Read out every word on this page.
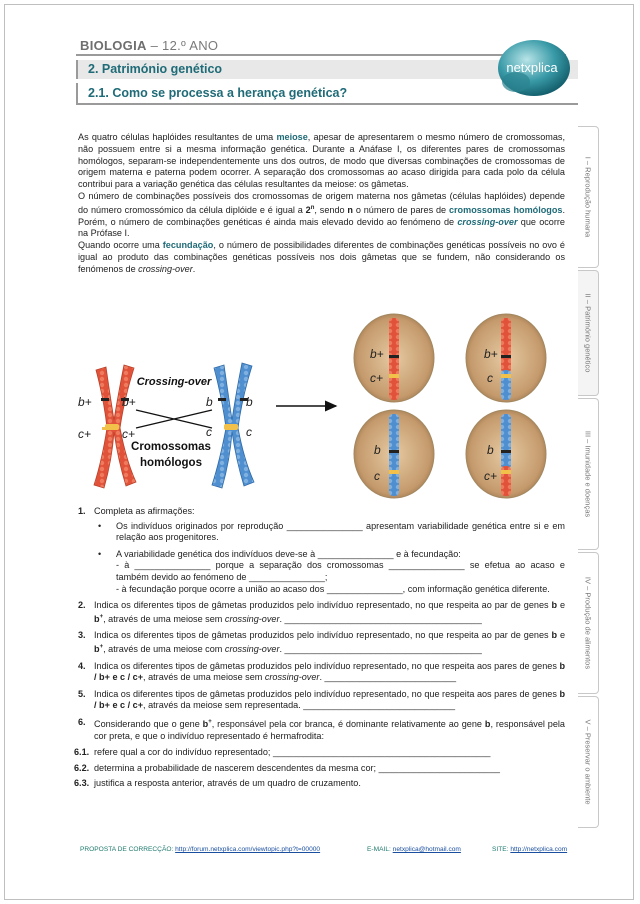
BIOLOGIA – 12.º ANO
2. Património genético
2.1. Como se processa a herança genética?
netxplica
I – Reprodução humana
II – Património genético
III – Imunidade e doenças
IV – Produção de alimentos
V – Preservar o ambiente

As quatro células haplóides resultantes de uma meiose, apesar de apresentarem o mesmo número de cromossomas, não possuem entre si a mesma informação genética. Durante a Anáfase I, os diferentes pares de cromossomas homólogos, separam-se independentemente uns dos outros, de modo que diversas combinações de cromossomas de origem materna e paterna podem ocorrer. A separação dos cromossomas ao acaso dirigida para cada polo da célula contribui para a variação genética das células resultantes da meiose: os gâmetas.

O número de combinações possíveis dos cromossomas de origem materna nos gâmetas (células haplóides) depende do número cromossómico da célula diplóide e é igual a 2$^n$, sendo n o número de pares de cromossomas homólogos. Porém, o número de combinações genéticas é ainda mais elevado devido ao fenómeno de crossing-over que ocorre na Prófase I.

Quando ocorre uma fecundação, o número de possibilidades diferentes de combinações genéticas possíveis no ovo é igual ao produto das combinações genéticas possíveis nos dois gâmetas que se fundem, não considerando os fenómenos de crossing-over.

Crossing-over
Cromossomas
homólogos
b+	b+
c+	c+
b	b
c	c
b+
c+
b+
c
b
c
b
c+
1. Completa as afirmações:
• Os indivíduos originados por reprodução _______________ apresentam variabilidade genética entre si e em relação aos progenitores.
• A variabilidade genética dos indivíduos deve-se à _______________ e à fecundação:

- à _______________ porque a separação dos cromossomas _______________ se efetua ao acaso e também devido ao fenómeno de _______________;

- à fecundação porque ocorre a união ao acaso dos _______________, com informação genética diferente.

2. Indica os diferentes tipos de gâmetas produzidos pelo indivíduo representado, no que respeita ao par de genes b e b+, através de uma meiose sem crossing-over. _______________________________________
3. Indica os diferentes tipos de gâmetas produzidos pelo indivíduo representado, no que respeita ao par de genes b e b+, através de uma meiose com crossing-over. _______________________________________
4. Indica os diferentes tipos de gâmetas produzidos pelo indivíduo representado, no que respeita aos pares de genes b / b+ e c / c+, através de uma meiose sem crossing-over. __________________________
5. Indica os diferentes tipos de gâmetas produzidos pelo indivíduo representado, no que respeita aos pares de genes b / b+ e c / c+, através da meiose sem representada. ______________________________
6. Considerando que o gene b+, responsável pela cor branca, é dominante relativamente ao gene b, responsável pela cor preta, e que o indivíduo representado é hermafrodita:
6.1. refere qual a cor do indivíduo representado; ___________________________________________
6.2. determina a probabilidade de nascerem descendentes da mesma cor; ________________________
6.3. justifica a resposta anterior, através de um quadro de cruzamento.
PROPOSTA DE CORRECÇÃO: http://forum.netxplica.com/viewtopic.php?t=00000	E-MAIL: netxplica@hotmail.com	SITE: http://netxplica.com
